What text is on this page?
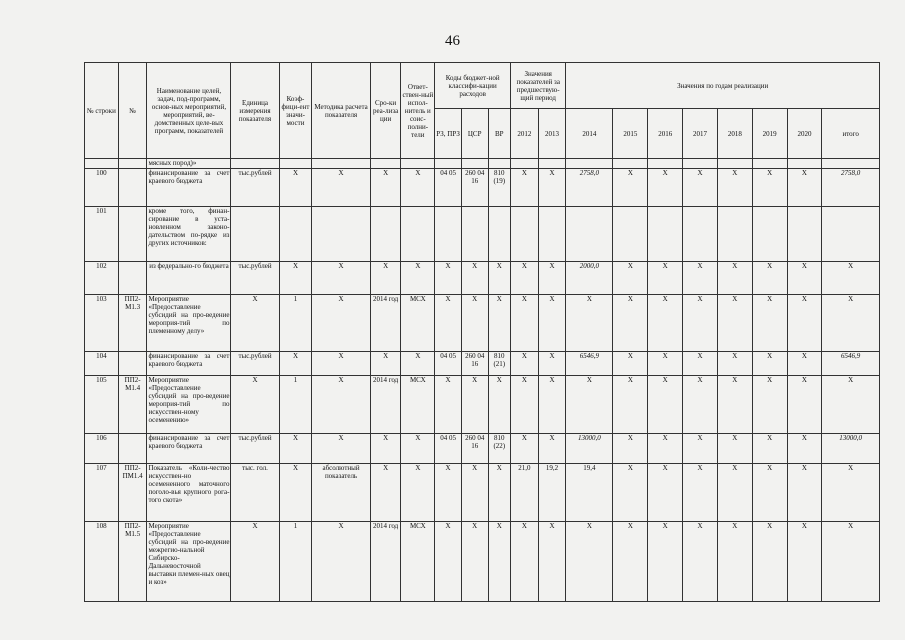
46
№ строки	№	Наименование целей, задач, под-программ, основ-ных мероприятий, мероприятий, ве-домственных целе-вых программ, показателей	Единица измерения показателя	Коэф-фици-ент значи-мости	Методика расчета показателя	Сро-ки реа-лиза ции	Ответ-ствен-ный испол-нитель и соис-полни-тели	Коды бюджет-ной классифи-кации расходов			Значения показателей за предшествую-щий период		Значения по годам реализации							
								РЗ, ПРЗ	ЦСР	ВР	2012	2013	2014	2015	2016	2017	2018	2019	2020	итого
		мясных пород)»																		
100		финансирование за счет краевого бюджета	тыс.рублей	X	X	X	X	04 05	260 04 16	810 (19)	X	X	2758,0	X	X	X	X	X	X	2758,0
101		кроме того, финан-сирование в уста-новленном законо-дательством по-рядке из других источников:																		
102		из федерально-го бюджета	тыс.рублей	X	X	X	X	X	X	X	X	X	2000,0	X	X	X	X	X	X	X
103	ПП2-М1.3	Мероприятие «Предоставление субсидий на про-ведение мероприя-тий по племенному делу»	X	1	X	2014 год	МСХ	X	X	X	X	X	X	X	X	X	X	X	X	X
104		финансирование за счет краевого бюджета	тыс.рублей	X	X	X	X	04 05	260 04 16	810 (21)	X	X	6546,9	X	X	X	X	X	X	6546,9
105	ПП2-М1.4	Мероприятие «Предоставление субсидий на про-ведение мероприя-тий по искусствен-ному осеменению»	X	1	X	2014 год	МСХ	X	X	X	X	X	X	X	X	X	X	X	X	X
106		финансирование за счет краевого бюджета	тыс.рублей	X	X	X	X	04 05	260 04 16	810 (22)	X	X	13000,0	X	X	X	X	X	X	13000,0
107	ПП2-ПМ1.4	Показатель «Коли-чество искусствен-но осемененного маточного поголо-вья крупного рога-того скота»	тыс. гол.	X	абсолютный показатель	X	X	X	X	X	21,0	19,2	19,4	X	X	X	X	X	X	X
108	ПП2-М1.5	Мероприятие «Предоставление субсидий на про-ведение межрегио-нальной Сибирско-Дальневосточной выставки племен-ных овец и коз»	X	1	X	2014 год	МСХ	X	X	X	X	X	X	X	X	X	X	X	X	X
